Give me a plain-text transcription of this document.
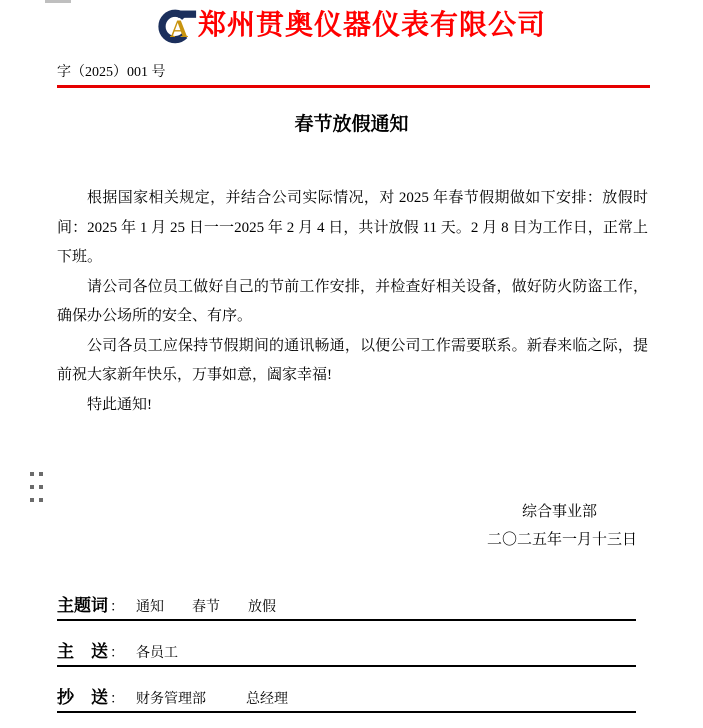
A 郑州贯奥仪器仪表有限公司
字（2025）001 号
春节放假通知

根据国家相关规定，并结合公司实际情况，对 2025 年春节假期做如下安排：放假时间：2025 年 1 月 25 日一一2025 年 2 月 4 日，共计放假 11 天。2 月 8 日为工作日，正常上下班。

请公司各位员工做好自己的节前工作安排，并检查好相关设备，做好防火防盗工作，确保办公场所的安全、有序。

公司各员工应保持节假期间的通讯畅通，以便公司工作需要联系。新春来临之际，提前祝大家新年快乐，万事如意，阖家幸福!

特此通知!

综合事业部
二〇二五年一月十三日
主题词 ： 通知 春节 放假
主　送 ： 各员工
抄　送 ： 财务管理部	总经理
